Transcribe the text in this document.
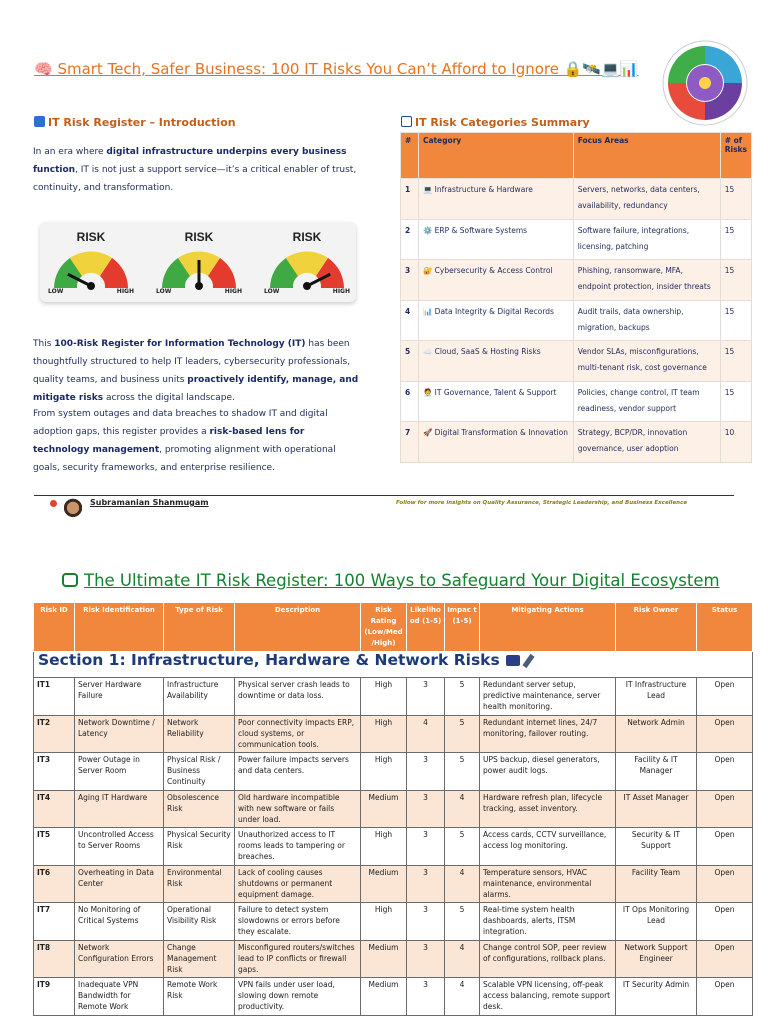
🧠 Smart Tech, Safer Business: 100 IT Risks You Can’t Afford to Ignore 🔒🛰️💻📊
IT Risk Register – Introduction
In an era where digital infrastructure underpins every business function, IT is not just a support service—it’s a critical enabler of trust, continuity, and transformation.
RISK
LOW	HIGH
RISK
LOW	HIGH
RISK
LOW	HIGH
This 100-Risk Register for Information Technology (IT) has been thoughtfully structured to help IT leaders, cybersecurity professionals, quality teams, and business units proactively identify, manage, and mitigate risks across the digital landscape.
From system outages and data breaches to shadow IT and digital adoption gaps, this register provides a risk-based lens for technology management, promoting alignment with operational goals, security frameworks, and enterprise resilience.
IT Risk Categories Summary
#	Category	Focus Areas	# of Risks
1	💻 Infrastructure & Hardware	Servers, networks, data centers, availability, redundancy	15
2	⚙️ ERP & Software Systems	Software failure, integrations, licensing, patching	15
3	🔐 Cybersecurity & Access Control	Phishing, ransomware, MFA, endpoint protection, insider threats	15
4	📊 Data Integrity & Digital Records	Audit trails, data ownership, migration, backups	15
5	☁️ Cloud, SaaS & Hosting Risks	Vendor SLAs, misconfigurations, multi-tenant risk, cost governance	15
6	🧑‍💼 IT Governance, Talent & Support	Policies, change control, IT team readiness, vendor support	15
7	🚀 Digital Transformation & Innovation	Strategy, BCP/DR, innovation governance, user adoption	10
Subramanian Shanmugam	Follow for more insights on Quality Assurance, Strategic Leadership, and Business Excellence
The Ultimate IT Risk Register: 100 Ways to Safeguard Your Digital Ecosystem
Risk ID	Risk Identification	Type of Risk	Description	Risk Rating (Low/Med /High)	Likeliho od (1-5)	Impac t (1-5)	Mitigating Actions	Risk Owner	Status
Section 1: Infrastructure, Hardware & Network Risks									
IT1	Server Hardware Failure	Infrastructure Availability	Physical server crash leads to downtime or data loss.	High	3	5	Redundant server setup, predictive maintenance, server health monitoring.	IT Infrastructure Lead	Open
IT2	Network Downtime / Latency	Network Reliability	Poor connectivity impacts ERP, cloud systems, or communication tools.	High	4	5	Redundant internet lines, 24/7 monitoring, failover routing.	Network Admin	Open
IT3	Power Outage in Server Room	Physical Risk / Business Continuity	Power failure impacts servers and data centers.	High	3	5	UPS backup, diesel generators, power audit logs.	Facility & IT Manager	Open
IT4	Aging IT Hardware	Obsolescence Risk	Old hardware incompatible with new software or fails under load.	Medium	3	4	Hardware refresh plan, lifecycle tracking, asset inventory.	IT Asset Manager	Open
IT5	Uncontrolled Access to Server Rooms	Physical Security Risk	Unauthorized access to IT rooms leads to tampering or breaches.	High	3	5	Access cards, CCTV surveillance, access log monitoring.	Security & IT Support	Open
IT6	Overheating in Data Center	Environmental Risk	Lack of cooling causes shutdowns or permanent equipment damage.	Medium	3	4	Temperature sensors, HVAC maintenance, environmental alarms.	Facility Team	Open
IT7	No Monitoring of Critical Systems	Operational Visibility Risk	Failure to detect system slowdowns or errors before they escalate.	High	3	5	Real-time system health dashboards, alerts, ITSM integration.	IT Ops Monitoring Lead	Open
IT8	Network Configuration Errors	Change Management Risk	Misconfigured routers/switches lead to IP conflicts or firewall gaps.	Medium	3	4	Change control SOP, peer review of configurations, rollback plans.	Network Support Engineer	Open
IT9	Inadequate VPN Bandwidth for Remote Work	Remote Work Risk	VPN fails under user load, slowing down remote productivity.	Medium	3	4	Scalable VPN licensing, off-peak access balancing, remote support desk.	IT Security Admin	Open
